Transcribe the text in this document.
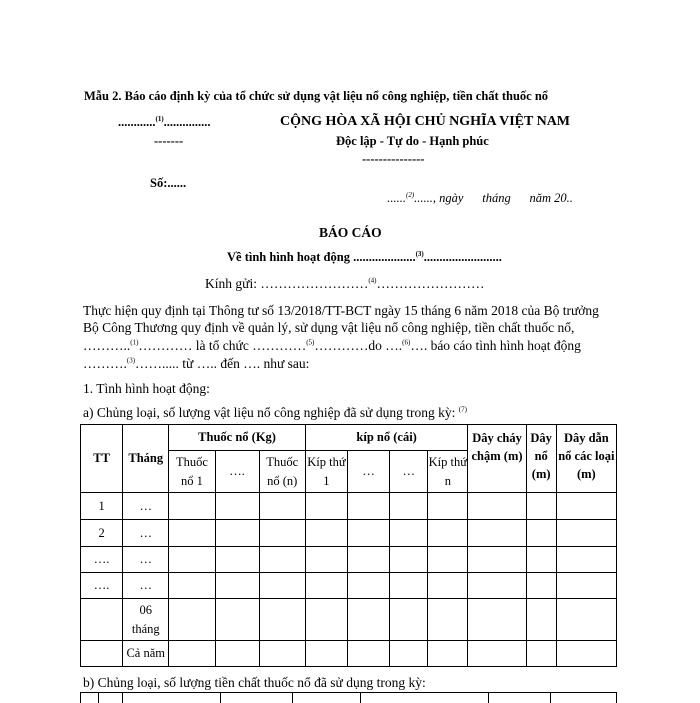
Mẫu 2. Báo cáo định kỳ của tổ chức sử dụng vật liệu nổ công nghiệp, tiền chất thuốc nổ
............$^{(1)}$...............
-------
CỘNG HÒA XÃ HỘI CHỦ NGHĨA VIỆT NAM
Độc lập - Tự do - Hạnh phúc
---------------
Số:......

......$^{(2)}$......, ngày      tháng      năm 20..

BÁO CÁO
Về tình hình hoạt động ....................$^{(3)}$.........................
Kính gửi: ……………………$^{(4)}$……………………
Thực hiện quy định tại Thông tư số 13/2018/TT-BCT ngày 15 tháng 6 năm 2018 của Bộ trưởng
Bộ Công Thương quy định về quản lý, sử dụng vật liệu nổ công nghiệp, tiền chất thuốc nổ,
………..$^{(1)}$………… là tổ chức …………$^{(5)}$…………do ….$^{(6)}$…. báo cáo tình hình hoạt động
……….$^{(3)}$……..... từ ….. đến …. như sau:
1. Tình hình hoạt động:
a) Chủng loại, số lượng vật liệu nổ công nghiệp đã sử dụng trong kỳ: $^{(7)}$
TT	Tháng	Thuốc nổ (Kg)			kíp nổ (cái)				Dây cháy chậm (m)	Dây nổ (m)	Dây dẫn nổ các loại (m)
		Thuốc nổ 1	….	Thuốc nổ (n)	Kíp thứ 1	…	…	Kíp thứ n			
1	…										
2	…										
….	…										
….	…										
	06 tháng										
	Cả năm										
b) Chủng loại, số lượng tiền chất thuốc nổ đã sử dụng trong kỳ:
